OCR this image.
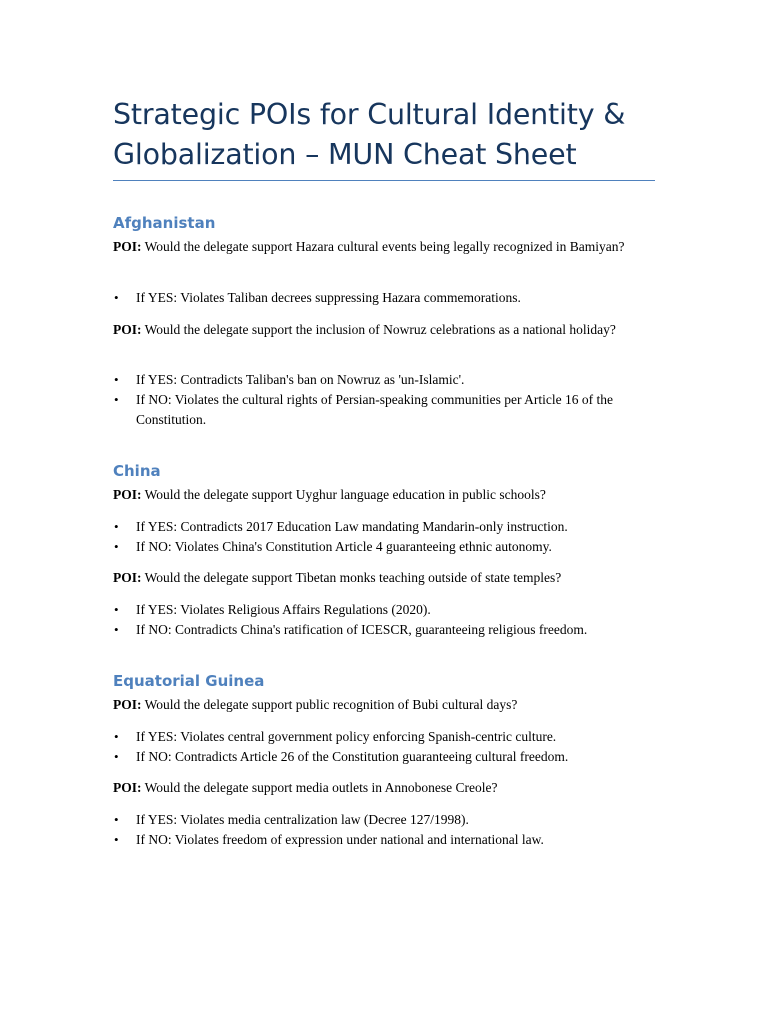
Strategic POIs for Cultural Identity & Globalization – MUN Cheat Sheet
Afghanistan

POI: Would the delegate support Hazara cultural events being legally recognized in Bamiyan?

• If YES: Violates Taliban decrees suppressing Hazara commemorations.

POI: Would the delegate support the inclusion of Nowruz celebrations as a national holiday?

• If YES: Contradicts Taliban's ban on Nowruz as 'un-Islamic'.
• If NO: Violates the cultural rights of Persian-speaking communities per Article 16 of the Constitution.
China

POI: Would the delegate support Uyghur language education in public schools?

• If YES: Contradicts 2017 Education Law mandating Mandarin-only instruction.
• If NO: Violates China's Constitution Article 4 guaranteeing ethnic autonomy.

POI: Would the delegate support Tibetan monks teaching outside of state temples?

• If YES: Violates Religious Affairs Regulations (2020).
• If NO: Contradicts China's ratification of ICESCR, guaranteeing religious freedom.
Equatorial Guinea

POI: Would the delegate support public recognition of Bubi cultural days?

• If YES: Violates central government policy enforcing Spanish-centric culture.
• If NO: Contradicts Article 26 of the Constitution guaranteeing cultural freedom.

POI: Would the delegate support media outlets in Annobonese Creole?

• If YES: Violates media centralization law (Decree 127/1998).
• If NO: Violates freedom of expression under national and international law.
